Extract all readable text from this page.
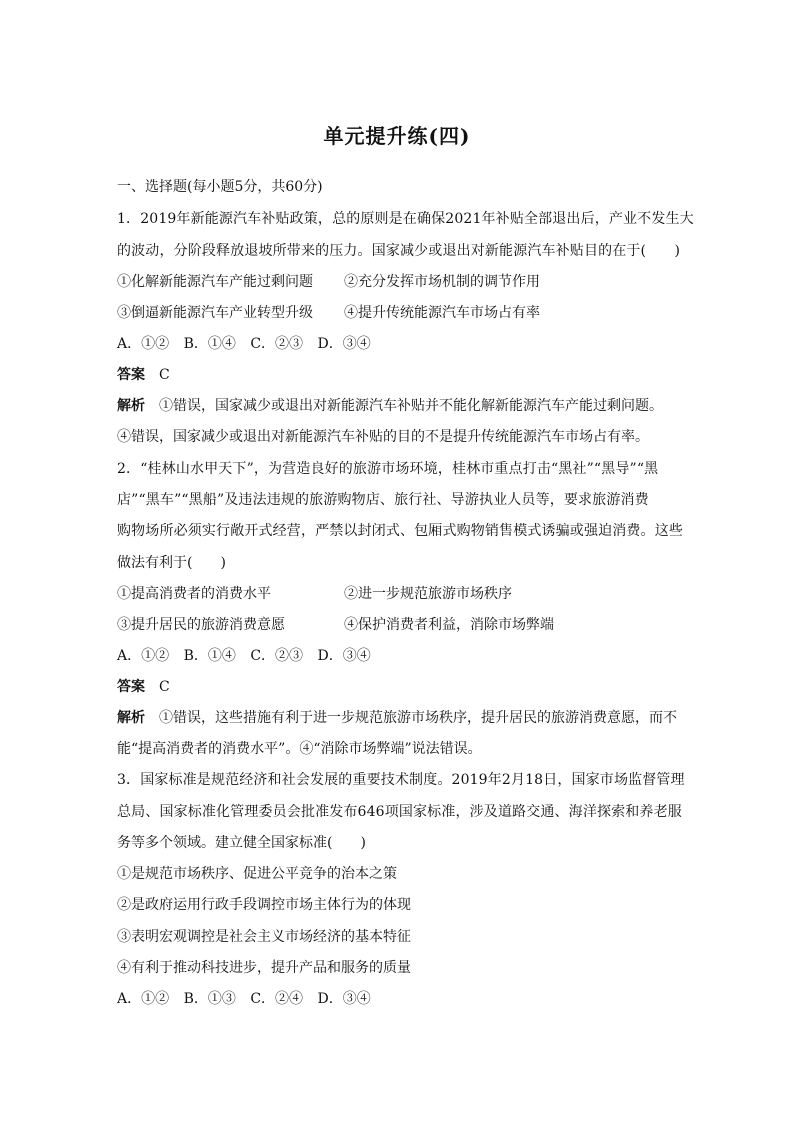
单元提升练(四)
一、选择题(每小题5分，共60分)
1．2019年新能源汽车补贴政策，总的原则是在确保2021年补贴全部退出后，产业不发生大
的波动，分阶段释放退坡所带来的压力。国家减少或退出对新能源汽车补贴目的在于(　　)
①化解新能源汽车产能过剩问题 ②充分发挥市场机制的调节作用
③倒逼新能源汽车产业转型升级 ④提升传统能源汽车市场占有率
A．①② B．①④ C．②③ D．③④
答案 C
解析 ①错误，国家减少或退出对新能源汽车补贴并不能化解新能源汽车产能过剩问题。
④错误，国家减少或退出对新能源汽车补贴的目的不是提升传统能源汽车市场占有率。
2．“桂林山水甲天下”，为营造良好的旅游市场环境，桂林市重点打击“黑社”“黑导”“黑
店”“黑车”“黑船”及违法违规的旅游购物店、旅行社、导游执业人员等，要求旅游消费
购物场所必须实行敞开式经营，严禁以封闭式、包厢式购物销售模式诱骗或强迫消费。这些
做法有利于(　　)
①提高消费者的消费水平	②进一步规范旅游市场秩序
③提升居民的旅游消费意愿	④保护消费者利益，消除市场弊端
A．①② B．①④ C．②③ D．③④
答案 C
解析 ①错误，这些措施有利于进一步规范旅游市场秩序，提升居民的旅游消费意愿，而不
能“提高消费者的消费水平”。④“消除市场弊端”说法错误。
3．国家标准是规范经济和社会发展的重要技术制度。2019年2月18日，国家市场监督管理
总局、国家标准化管理委员会批准发布646项国家标准，涉及道路交通、海洋探索和养老服
务等多个领域。建立健全国家标准(　　)
①是规范市场秩序、促进公平竞争的治本之策
②是政府运用行政手段调控市场主体行为的体现
③表明宏观调控是社会主义市场经济的基本特征
④有利于推动科技进步，提升产品和服务的质量
A．①② B．①③ C．②④ D．③④
